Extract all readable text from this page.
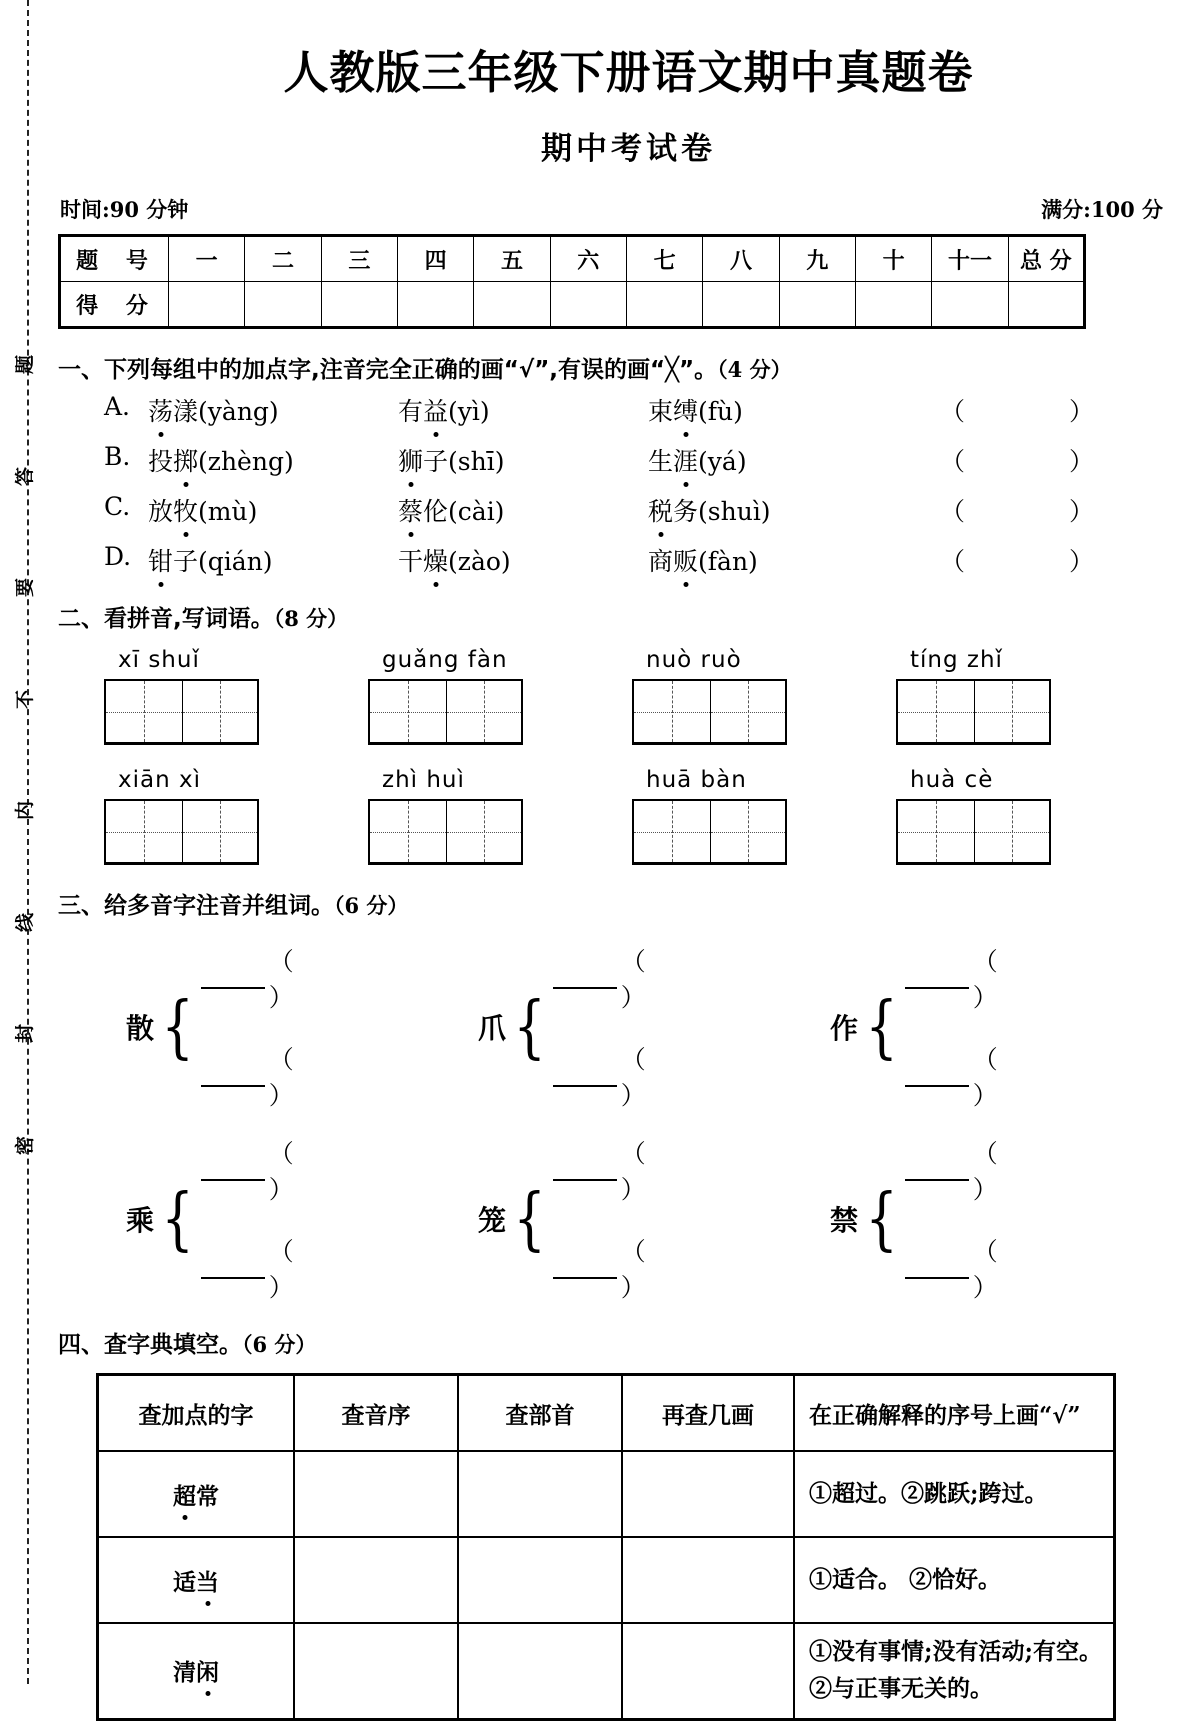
题
答
要
不
内
线
封
密
人教版三年级下册语文期中真题卷
期中考试卷
时间:90 分钟	满分:100 分
题 号	一	二	三	四	五	六	七	八	九	十	十一	总 分
得 分												
一、下列每组中的加点字,注音完全正确的画“√”,有误的画“╳”。（4 分）
A. 荡漾(yàng)	有益(yì)	束缚(fù)	（ ）
B. 投掷(zhèng)	狮子(shī)	生涯(yá)	（ ）
C. 放牧(mù)	蔡伦(cài)	税务(shuì)	（ ）
D. 钳子(qián)	干燥(zào)	商贩(fàn)	（ ）
二、看拼音,写词语。（8 分）
xī shuǐ	guǎng fàn	nuò ruò	tíng zhǐ
xiān xì	zhì huì	huā bàn	huà cè
三、给多音字注音并组词。（6 分）
散 {
（ ）
（ ）
爪 {
（ ）
（ ）
作 {
（ ）
（ ）
乘 {
（ ）
（ ）
笼 {
（ ）
（ ）
禁 {
（ ）
（ ）
四、查字典填空。（6 分）
查加点的字	查音序	查部首	再查几画	在正确解释的序号上画“√”
超常				①超过。②跳跃;跨过。

适当				①适合。 ②恰好。

清闲				①没有事情;没有活动;有空。
②与正事无关的。
